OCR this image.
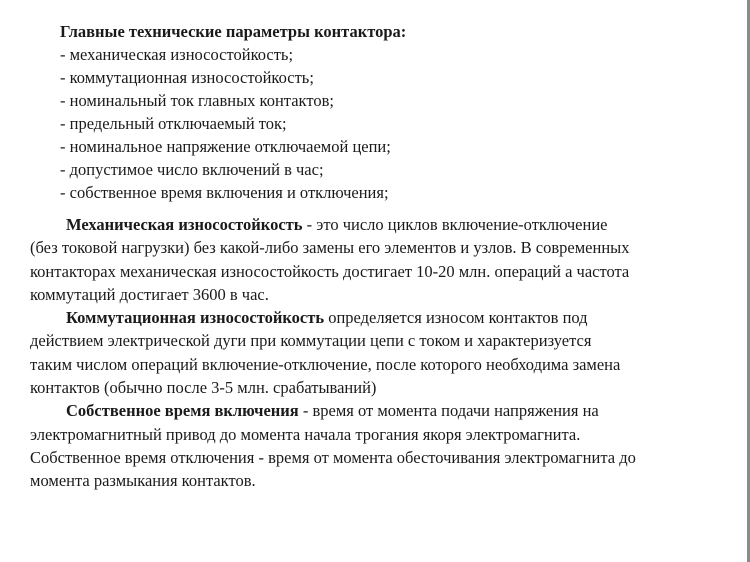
Главные технические параметры контактора:
- механическая износостойкость;
- коммутационная износостойкость;
- номинальный ток главных контактов;
- предельный отключаемый ток;
- номинальное напряжение отключаемой цепи;
- допустимое число включений в час;
- собственное время включения и отключения;
Механическая износостойкость - это число циклов включение-отключение
(без токовой нагрузки) без какой-либо замены его элементов и узлов. В современных
контакторах механическая износостойкость достигает 10-20 млн. операций а частота
коммутаций достигает 3600 в час.
Коммутационная износостойкость определяется износом контактов под
действием электрической дуги при коммутации цепи с током и характеризуется
таким числом операций включение-отключение, после которого необходима замена
контактов (обычно после 3-5 млн. срабатываний)
Собственное время включения - время от момента подачи напряжения на
электромагнитный привод до момента начала трогания якоря электромагнита.
Собственное время отключения - время от момента обесточивания электромагнита до
момента размыкания контактов.
